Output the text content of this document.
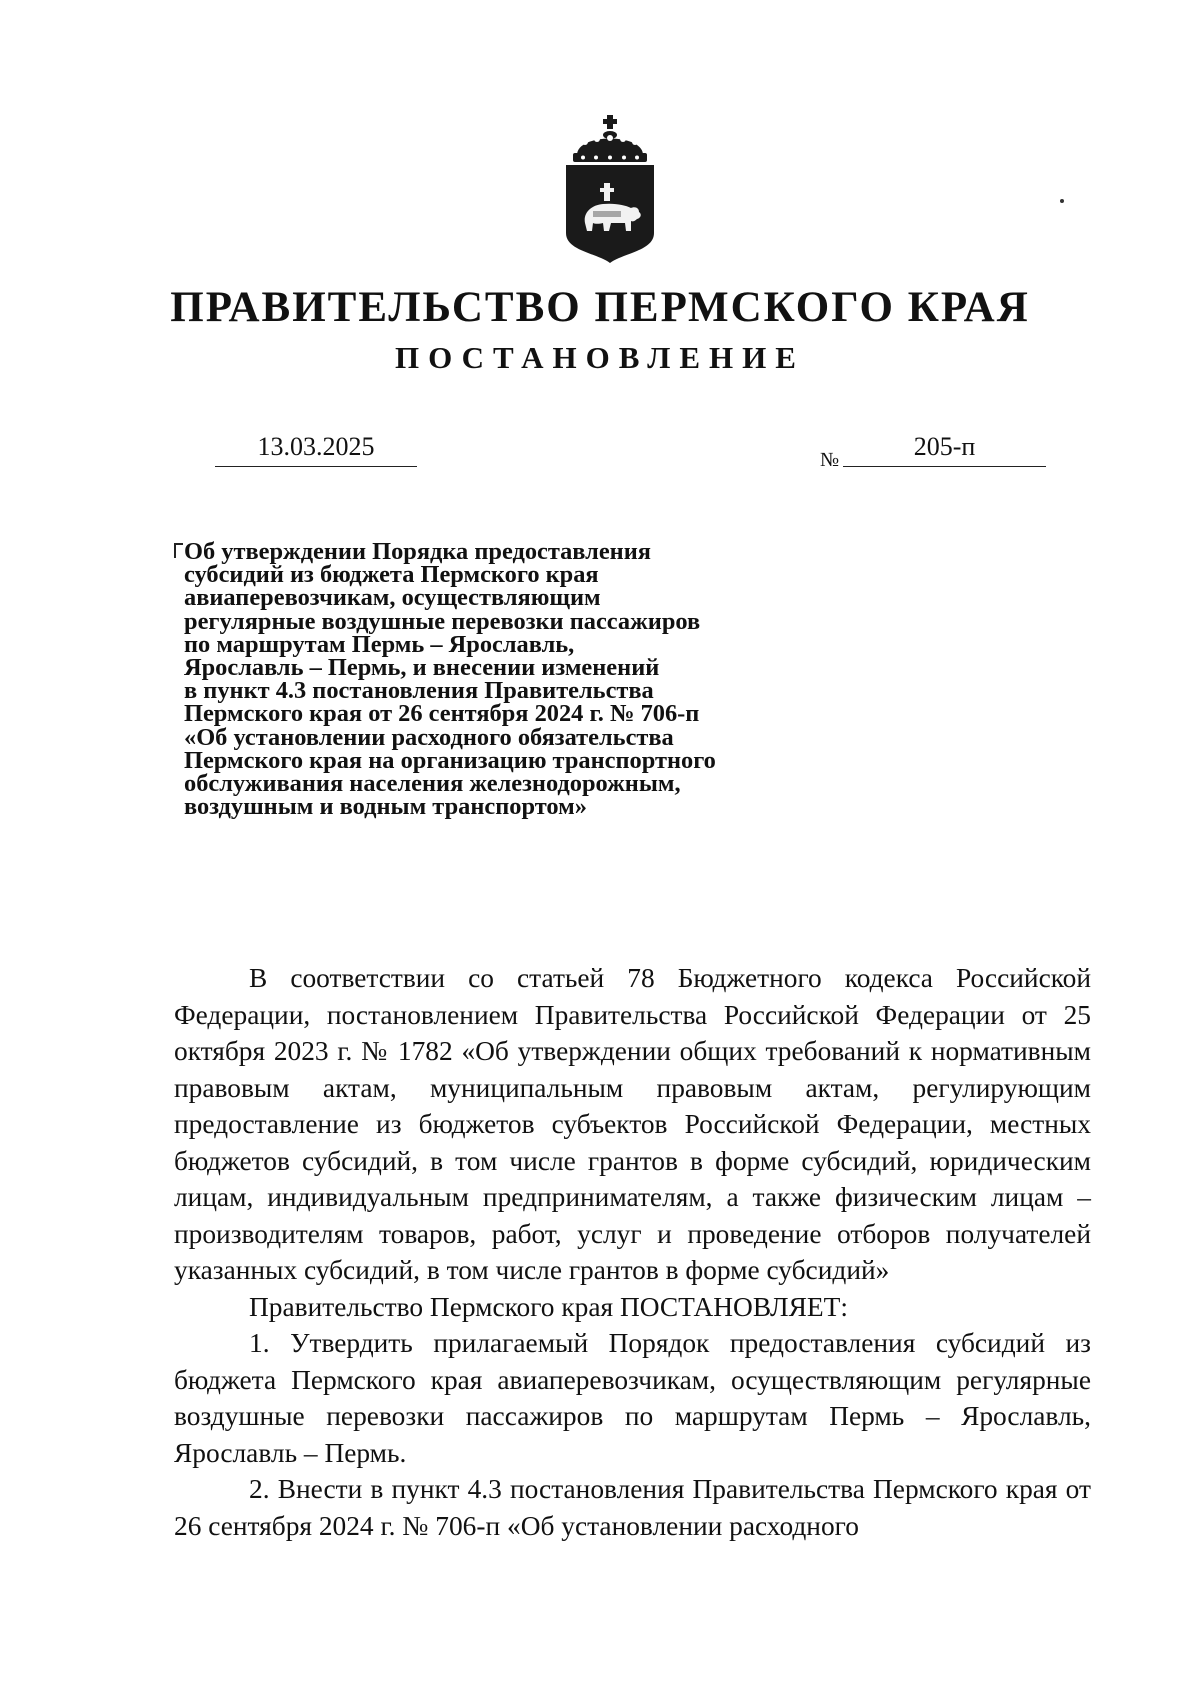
ПРАВИТЕЛЬСТВО ПЕРМСКОГО КРАЯ
ПОСТАНОВЛЕНИЕ
13.03.2025	№	205-п
Об утверждении Порядка предоставления
субсидий из бюджета Пермского края
авиаперевозчикам, осуществляющим
регулярные воздушные перевозки пассажиров
по маршрутам Пермь – Ярославль,
Ярославль – Пермь, и внесении изменений
в пункт 4.3 постановления Правительства
Пермского края от 26 сентября 2024 г. № 706-п
«Об установлении расходного обязательства
Пермского края на организацию транспортного
обслуживания населения железнодорожным,
воздушным и водным транспортом»

В соответствии со статьей 78 Бюджетного кодекса Российской Федерации, постановлением Правительства Российской Федерации от 25 октября 2023 г. № 1782 «Об утверждении общих требований к нормативным правовым актам, муниципальным правовым актам, регулирующим предоставление из бюджетов субъектов Российской Федерации, местных бюджетов субсидий, в том числе грантов в форме субсидий, юридическим лицам, индивидуальным предпринимателям, а также физическим лицам – производителям товаров, работ, услуг и проведение отборов получателей указанных субсидий, в том числе грантов в форме субсидий»

Правительство Пермского края ПОСТАНОВЛЯЕТ:

1. Утвердить прилагаемый Порядок предоставления субсидий из бюджета Пермского края авиаперевозчикам, осуществляющим регулярные воздушные перевозки пассажиров по маршрутам Пермь – Ярославль, Ярославль – Пермь.

2. Внести в пункт 4.3 постановления Правительства Пермского края от 26 сентября 2024 г. № 706-п «Об установлении расходного
